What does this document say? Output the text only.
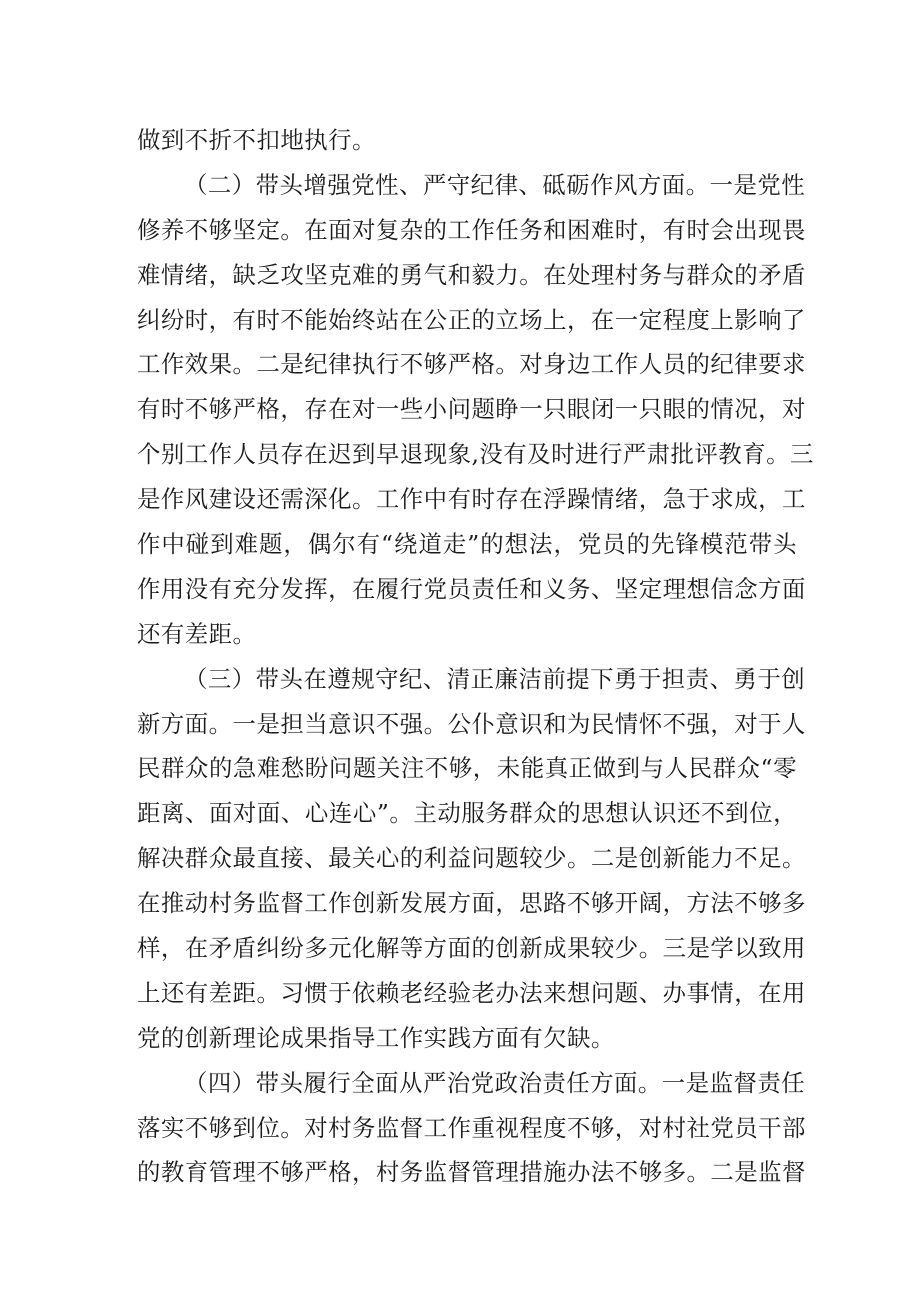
做到不折不扣地执行。
（二）带头增强党性、严守纪律、砥砺作风方面。一是党性
修养不够坚定。在面对复杂的工作任务和困难时，有时会出现畏
难情绪，缺乏攻坚克难的勇气和毅力。在处理村务与群众的矛盾
纠纷时，有时不能始终站在公正的立场上，在一定程度上影响了
工作效果。二是纪律执行不够严格。对身边工作人员的纪律要求
有时不够严格，存在对一些小问题睁一只眼闭一只眼的情况，对
个别工作人员存在迟到早退现象,没有及时进行严肃批评教育。三
是作风建设还需深化。工作中有时存在浮躁情绪，急于求成，工
作中碰到难题，偶尔有“绕道走”的想法，党员的先锋模范带头
作用没有充分发挥，在履行党员责任和义务、坚定理想信念方面
还有差距。
（三）带头在遵规守纪、清正廉洁前提下勇于担责、勇于创
新方面。一是担当意识不强。公仆意识和为民情怀不强，对于人
民群众的急难愁盼问题关注不够，未能真正做到与人民群众“零
距离、面对面、心连心”。主动服务群众的思想认识还不到位，
解决群众最直接、最关心的利益问题较少。二是创新能力不足。
在推动村务监督工作创新发展方面，思路不够开阔，方法不够多
样，在矛盾纠纷多元化解等方面的创新成果较少。三是学以致用
上还有差距。习惯于依赖老经验老办法来想问题、办事情，在用
党的创新理论成果指导工作实践方面有欠缺。
（四）带头履行全面从严治党政治责任方面。一是监督责任
落实不够到位。对村务监督工作重视程度不够，对村社党员干部
的教育管理不够严格，村务监督管理措施办法不够多。二是监督
